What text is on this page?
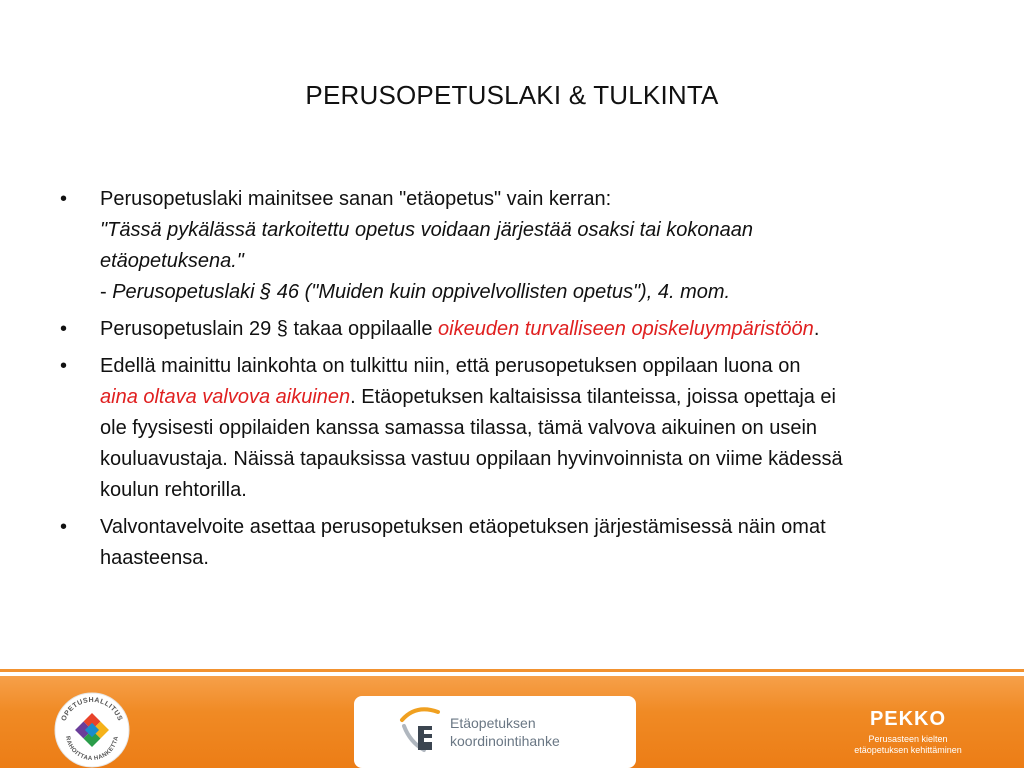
PERUSOPETUSLAKI & TULKINTA
• Perusopetuslaki mainitsee sanan "etäopetus" vain kerran:
"Tässä pykälässä tarkoitettu opetus voidaan järjestää osaksi tai kokonaan
etäopetuksena."
- Perusopetuslaki § 46 ("Muiden kuin oppivelvollisten opetus"), 4. mom.
• Perusopetuslain 29 § takaa oppilaalle oikeuden turvalliseen opiskeluympäristöön.
• Edellä mainittu lainkohta on tulkittu niin, että perusopetuksen oppilaan luona on
aina oltava valvova aikuinen. Etäopetuksen kaltaisissa tilanteissa, joissa opettaja ei
ole fyysisesti oppilaiden kanssa samassa tilassa, tämä valvova aikuinen on usein
kouluavustaja. Näissä tapauksissa vastuu oppilaan hyvinvoinnista on viime kädessä
koulun rehtorilla.
• Valvontavelvoite asettaa perusopetuksen etäopetuksen järjestämisessä näin omat
haasteensa.
OPETUSHALLITUS
RAHOITTAA HANKETTA
Etäopetuksen
koordinointihanke
PEKKO
Perusasteen kielten
etäopetuksen kehittäminen
